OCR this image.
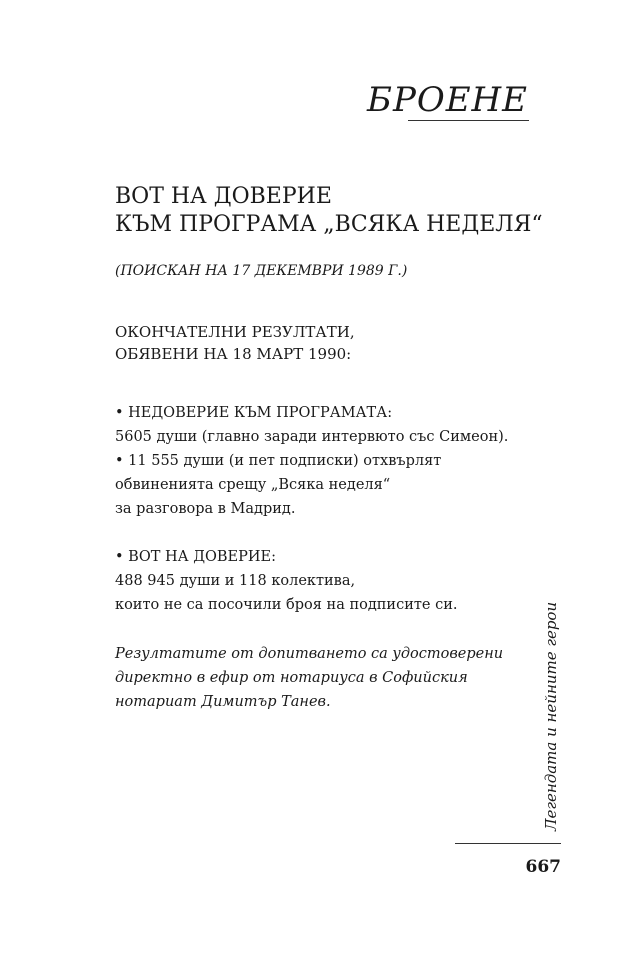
БРОЕНЕ
ВОТ НА ДОВЕРИЕ
КЪМ ПРОГРАМА „ВСЯКА НЕДЕЛЯ“
(ПОИСКАН НА 17 ДЕКЕМВРИ 1989 Г.)
ОКОНЧАТЕЛНИ РЕЗУЛТАТИ,
ОБЯВЕНИ НА 18 МАРТ 1990:
• НЕДОВЕРИЕ КЪМ ПРОГРАМАТА:
5605 души (главно заради интервюто със Симеон).
• 11 555 души (и пет подписки) отхвърлят
обвиненията срещу „Всяка неделя“
за разговора в Мадрид.
• ВОТ НА ДОВЕРИЕ:
488 945 души и 118 колектива,
които не са посочили броя на подписите си.
Резултатите от допитването са удостоверени
директно в ефир от нотариуса в Софийския
нотариат Димитър Танев.	Легендата и нейните герои
667
